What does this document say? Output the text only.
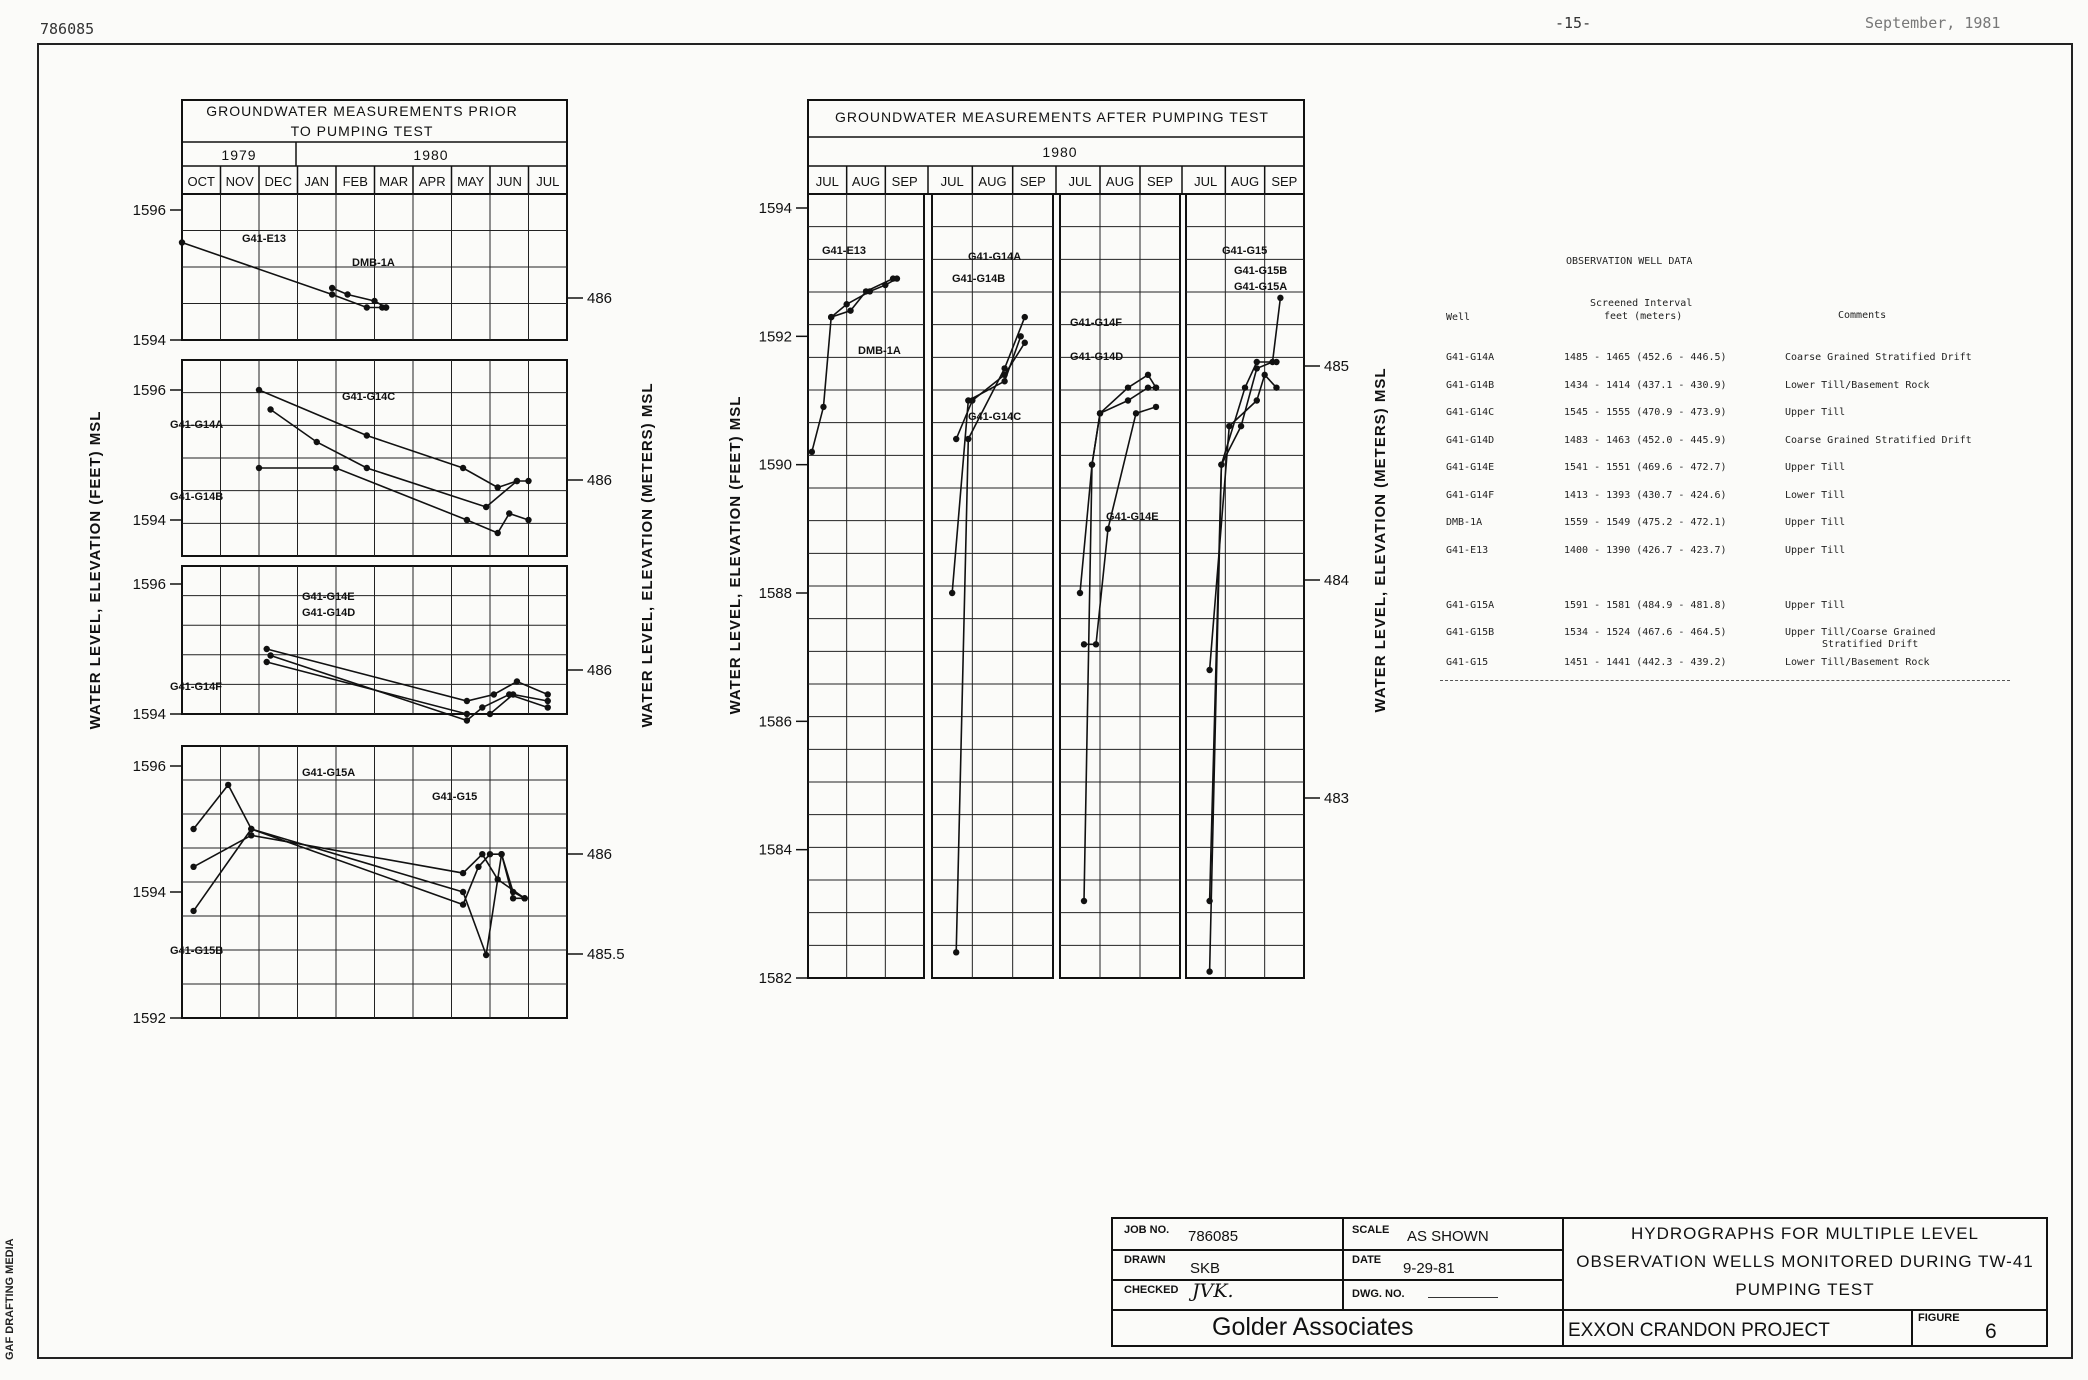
786085	-15-	September, 1981
GROUNDWATER MEASUREMENTS PRIOR
TO PUMPING TEST
1979	1980
OCT NOV DEC JAN FEB MAR APR MAY JUN JUL
GROUNDWATER MEASUREMENTS AFTER PUMPING TEST
1980
JUL AUG SEP JUL AUG SEP JUL AUG SEP JUL AUG SEP
WATER LEVEL, ELEVATION (FEET) MSL	WATER LEVEL, ELEVATION (METERS) MSL	WATER LEVEL, ELEVATION (FEET) MSL	WATER LEVEL, ELEVATION (METERS) MSL
1594
1596
486
G41-E13
DMB-1A
1594
1596
486
G41-G14C
G41-G14A
G41-G14B
1594
1596
486
G41-G14E
G41-G14D
G41-G14F
1592
1594
1596
486
485.5
G41-G15A
G41-G15
G41-G15B
1582
1584
1586
1588
1590
1592
1594
G41-E13
DMB-1A
G41-G14A
G41-G14B
G41-G14C
G41-G14F
G41-G14D
G41-G14E
485
484
483
G41-G15
G41-G15B
G41-G15A
OBSERVATION WELL DATA
Well
Screened Interval
feet (meters)	Comments
G41-G14A	1485 - 1465 (452.6 - 446.5)	Coarse Grained Stratified Drift
G41-G14B	1434 - 1414 (437.1 - 430.9)	Lower Till/Basement Rock
G41-G14C	1545 - 1555 (470.9 - 473.9)	Upper Till
G41-G14D	1483 - 1463 (452.0 - 445.9)	Coarse Grained Stratified Drift
G41-G14E	1541 - 1551 (469.6 - 472.7)	Upper Till
G41-G14F	1413 - 1393 (430.7 - 424.6)	Lower Till
DMB-1A	1559 - 1549 (475.2 - 472.1)	Upper Till
G41-E13	1400 - 1390 (426.7 - 423.7)	Upper Till
G41-G15A	1591 - 1581 (484.9 - 481.8)	Upper Till
G41-G15B	1534 - 1524 (467.6 - 464.5)	Upper Till/Coarse Grained
Stratified Drift
G41-G15	1451 - 1441 (442.3 - 439.2)	Lower Till/Basement Rock
JOB NO. 786085	SCALE AS SHOWN
DRAWN SKB	DATE 9-29-81
CHECKED JVK.	DWG. NO.
Golder Associates
HYDROGRAPHS FOR MULTIPLE LEVEL
OBSERVATION WELLS MONITORED DURING TW-41
PUMPING TEST
EXXON CRANDON PROJECT
FIGURE
6
GAF DRAFTING MEDIA
